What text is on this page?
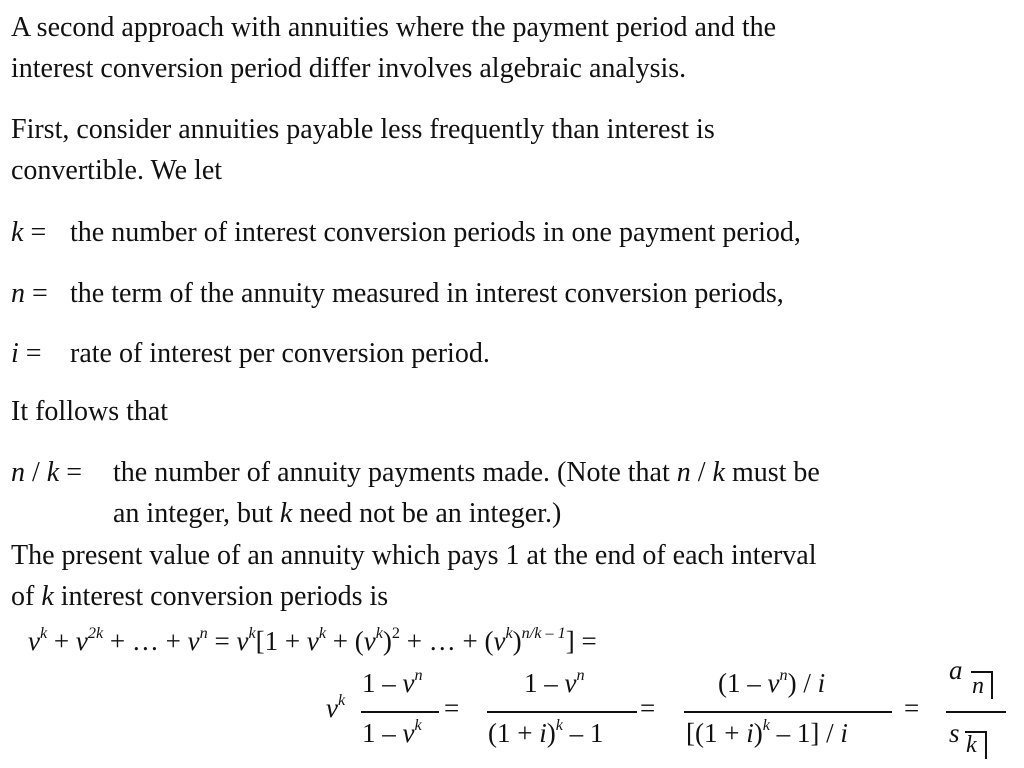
A second approach with annuities where the payment period and the
interest conversion period differ involves algebraic analysis.
First, consider annuities payable less frequently than interest is
convertible. We let
k = the number of interest conversion periods in one payment period,
n = the term of the annuity measured in interest conversion periods,
i = rate of interest per conversion period.
It follows that
n / k = the number of annuity payments made. (Note that n / k must be
an integer, but k need not be an integer.)
The present value of an annuity which pays 1 at the end of each interval
of k interest conversion periods is
$v^k + v^{2k}$ + … + $v^n = v^k[1 + v^k + (v^k)^2$ + … + $(v^k)^{n/k - 1}$] =
$v^k$
$1 - v^n$
$1 - v^k$
=
$1 - v^n$
$(1 + i)^k - 1$
=
$(1 - v^n)$ / i
$[(1 + i)^k - 1] / i$
=
a
n
s k
